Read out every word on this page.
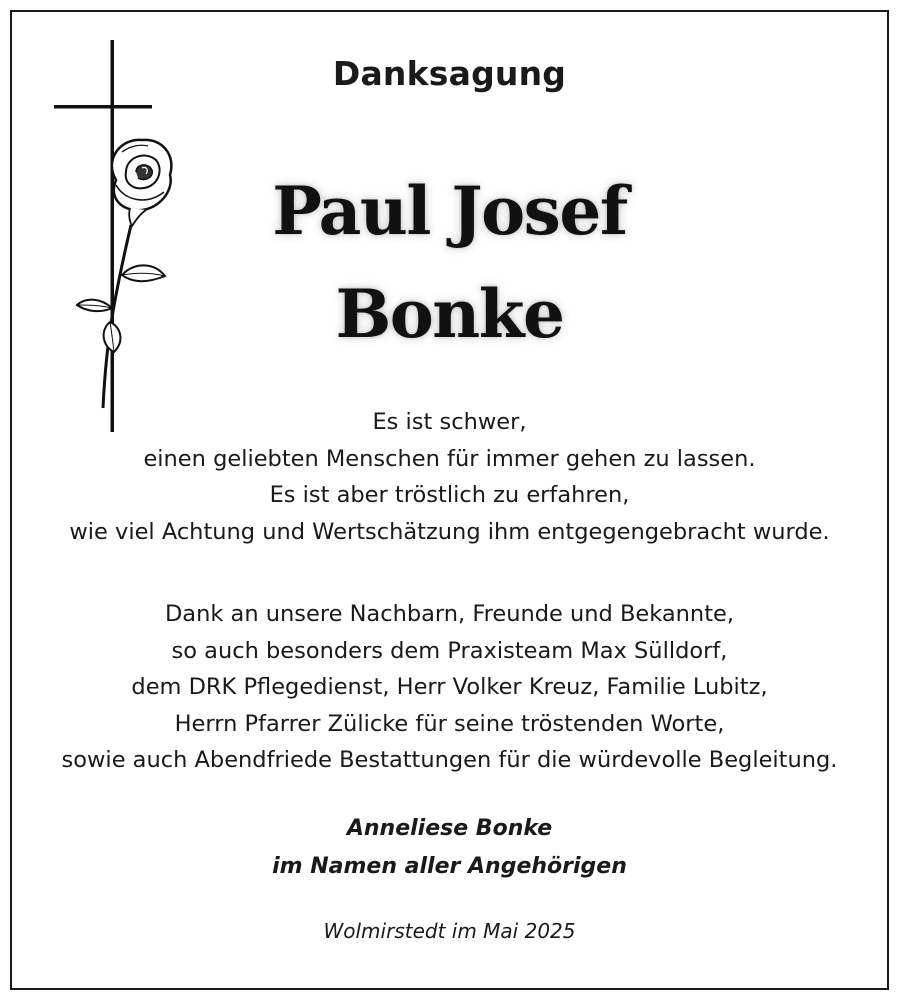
Danksagung
Paul Josef
Bonke
Es ist schwer,
einen geliebten Menschen für immer gehen zu lassen.
Es ist aber tröstlich zu erfahren,
wie viel Achtung und Wertschätzung ihm entgegengebracht wurde.
Dank an unsere Nachbarn, Freunde und Bekannte,
so auch besonders dem Praxisteam Max Sülldorf,
dem DRK Pflegedienst, Herr Volker Kreuz, Familie Lubitz,
Herrn Pfarrer Zülicke für seine tröstenden Worte,
sowie auch Abendfriede Bestattungen für die würdevolle Begleitung.
Anneliese Bonke
im Namen aller Angehörigen
Wolmirstedt im Mai 2025
